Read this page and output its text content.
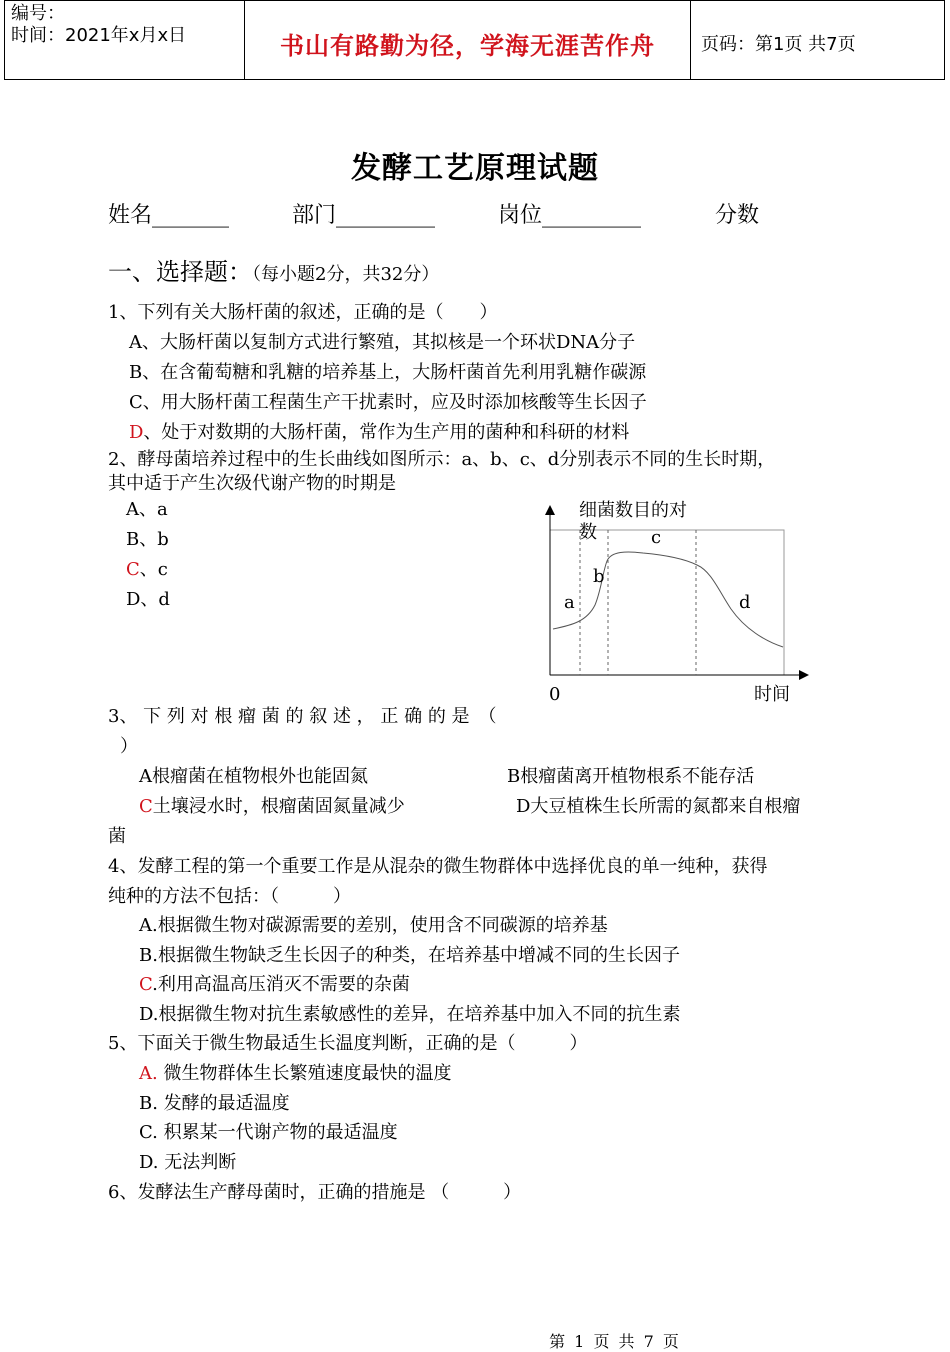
编号：
时间：2021年x月x日	书山有路勤为径，学海无涯苦作舟	页码：第1页 共7页
发酵工艺原理试题
姓名_______	部门_________	岗位_________	分数
一、选择题：（每小题2分，共32分）
1、下列有关大肠杆菌的叙述，正确的是（　　）
A、大肠杆菌以复制方式进行繁殖，其拟核是一个环状DNA分子
B、在含葡萄糖和乳糖的培养基上，大肠杆菌首先利用乳糖作碳源
C、用大肠杆菌工程菌生产干扰素时，应及时添加核酸等生长因子
D、处于对数期的大肠杆菌，常作为生产用的菌种和科研的材料
2、酵母菌培养过程中的生长曲线如图所示：a、b、c、d分别表示不同的生长时期，
其中适于产生次级代谢产物的时期是
A、a
B、b
C、c
D、d
细菌数目的对
数	c
b
a	d
0	时间
3、 下 列 对 根 瘤 菌 的 叙 述 ， 正 确 的 是　（
）
A根瘤菌在植物根外也能固氮	B根瘤菌离开植物根系不能存活
C土壤浸水时，根瘤菌固氮量减少	D大豆植株生长所需的氮都来自根瘤
菌
4、发酵工程的第一个重要工作是从混杂的微生物群体中选择优良的单一纯种，获得
纯种的方法不包括：（　　　）
A.根据微生物对碳源需要的差别，使用含不同碳源的培养基
B.根据微生物缺乏生长因子的种类，在培养基中增减不同的生长因子
C.利用高温高压消灭不需要的杂菌
D.根据微生物对抗生素敏感性的差异，在培养基中加入不同的抗生素
5、下面关于微生物最适生长温度判断，正确的是（　　　）
A. 微生物群体生长繁殖速度最快的温度
B. 发酵的最适温度
C. 积累某一代谢产物的最适温度
D. 无法判断
6、发酵法生产酵母菌时，正确的措施是 （　　　）
第 1 页 共 7 页
